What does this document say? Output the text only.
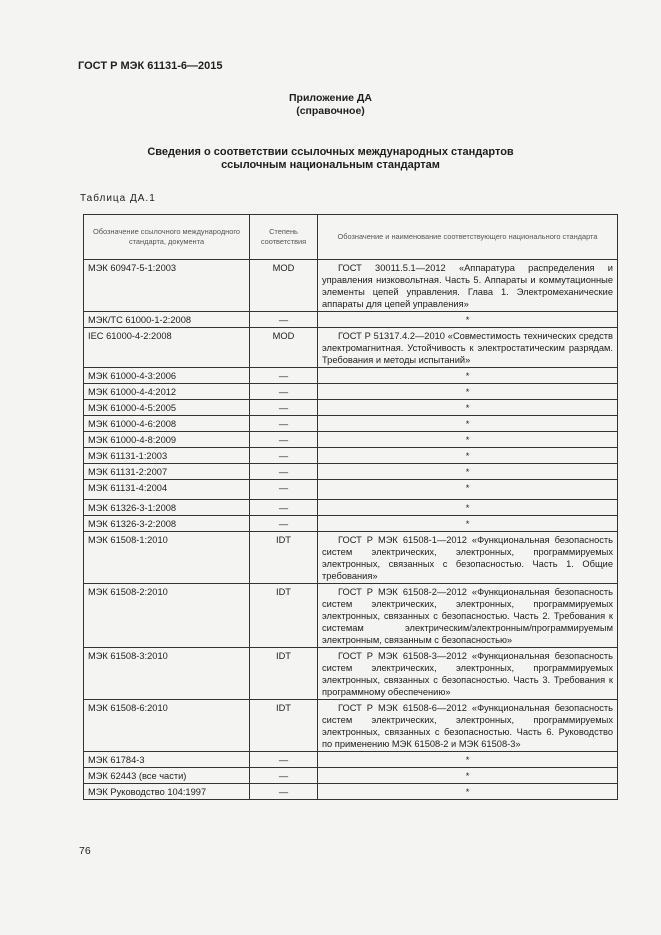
ГОСТ Р МЭК 61131-6—2015
Приложение ДА
(справочное)
Сведения о соответствии ссылочных международных стандартов
ссылочным национальным стандартам
Таблица ДА.1
Обозначение ссылочного международного стандарта, документа	Степень соответствия	Обозначение и наименование соответствующего национального стандарта
МЭК 60947-5-1:2003	MOD	ГОСТ 30011.5.1—2012 «Аппаратура распределения и управления низковольтная. Часть 5. Аппараты и коммутационные элементы цепей управления. Глава 1. Электромеханические аппараты для цепей управления»
МЭК/ТС 61000-1-2:2008	—	*
IEC 61000-4-2:2008	MOD	ГОСТ Р 51317.4.2—2010 «Совместимость технических средств электромагнитная. Устойчивость к электростатическим разрядам. Требования и методы испытаний»
МЭК 61000-4-3:2006	—	*
МЭК 61000-4-4:2012	—	*
МЭК 61000-4-5:2005	—	*
МЭК 61000-4-6:2008	—	*
МЭК 61000-4-8:2009	—	*
МЭК 61131-1:2003	—	*
МЭК 61131-2:2007	—	*
МЭК 61131-4:2004	—	*
МЭК 61326-3-1:2008	—	*
МЭК 61326-3-2:2008	—	*
МЭК 61508-1:2010	IDT	ГОСТ Р МЭК 61508-1—2012 «Функциональная безопасность систем электрических, электронных, программируемых электронных, связанных с безопасностью. Часть 1. Общие требования»
МЭК 61508-2:2010	IDT	ГОСТ Р МЭК 61508-2—2012 «Функциональная безопасность систем электрических, электронных, программируемых электронных, связанных с безопасностью. Часть 2. Требования к системам электрическим/электронным/программируемым электронным, связанным с безопасностью»
МЭК 61508-3:2010	IDT	ГОСТ Р МЭК 61508-3—2012 «Функциональная безопасность систем электрических, электронных, программируемых электронных, связанных с безопасностью. Часть 3. Требования к программному обеспечению»
МЭК 61508-6:2010	IDT	ГОСТ Р МЭК 61508-6—2012 «Функциональная безопасность систем электрических, электронных, программируемых электронных, связанных с безопасностью. Часть 6. Руководство по применению МЭК 61508-2 и МЭК 61508-3»
МЭК 61784-3	—	*
МЭК 62443 (все части)	—	*
МЭК Руководство 104:1997	—	*
76
